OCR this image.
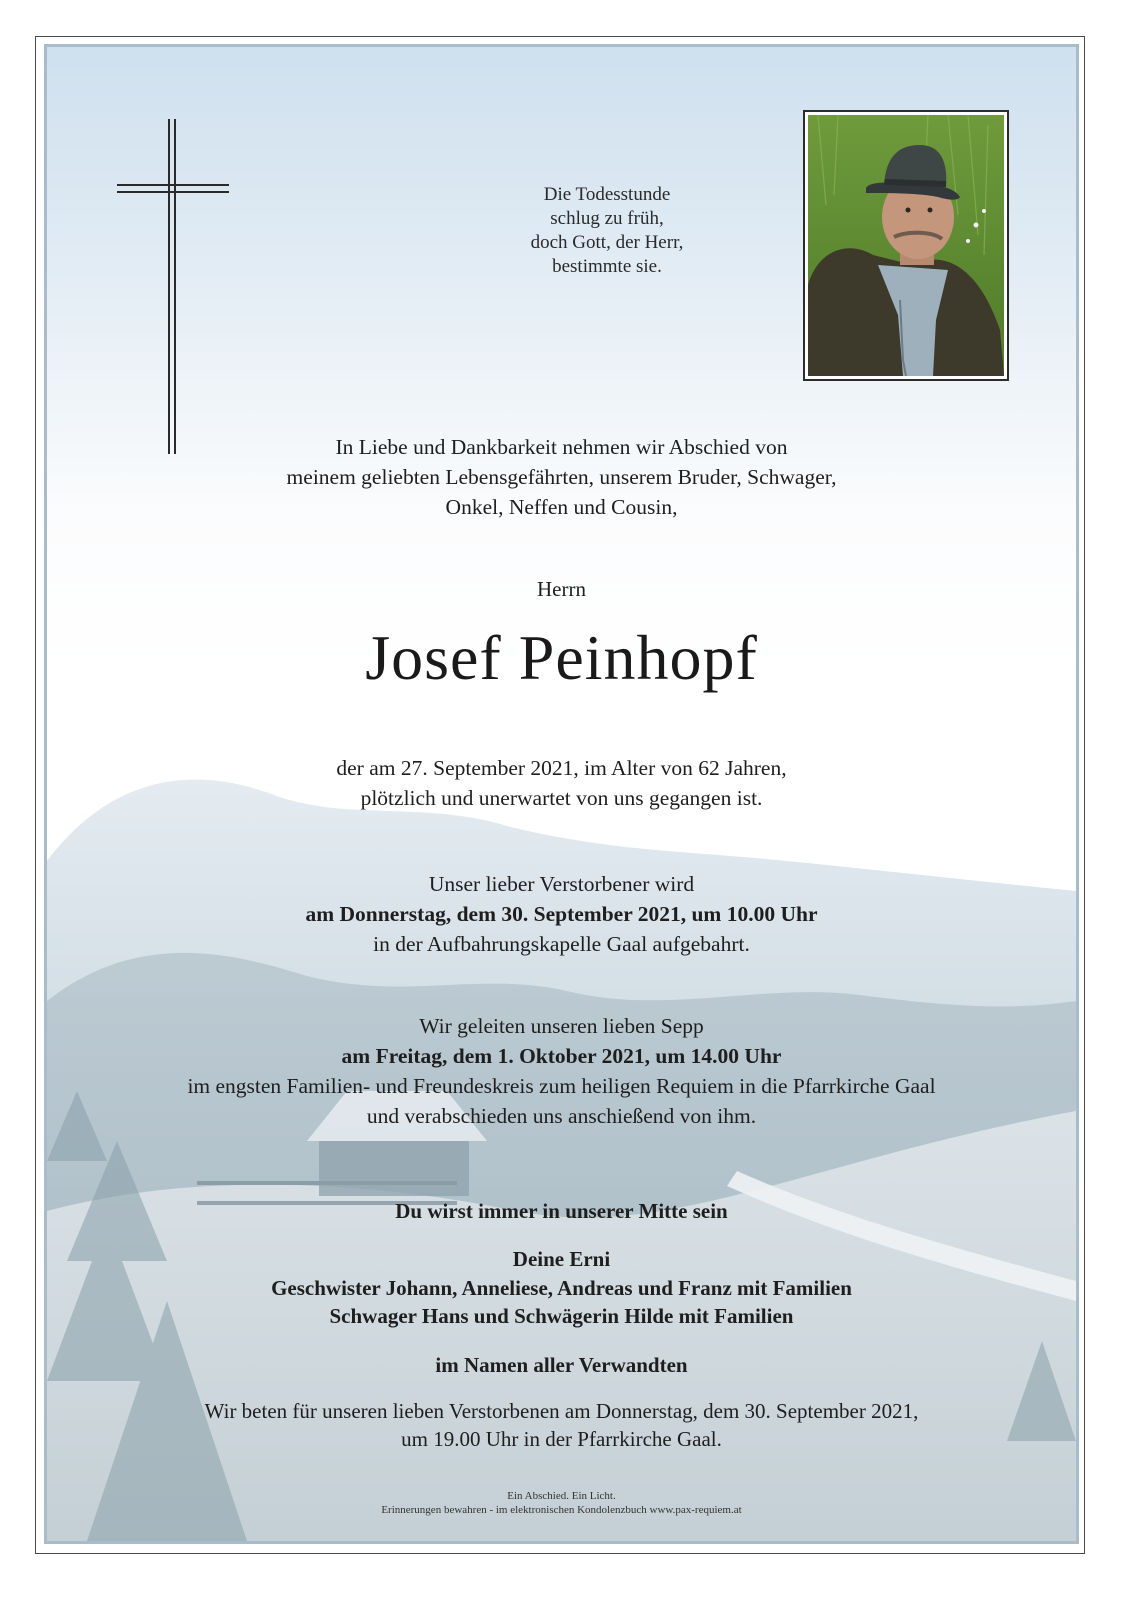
Die Todesstunde
schlug zu früh,
doch Gott, der Herr,
bestimmte sie.
In Liebe und Dankbarkeit nehmen wir Abschied von
meinem geliebten Lebensgefährten, unserem Bruder, Schwager,
Onkel, Neffen und Cousin,
Herrn
Josef Peinhopf
der am 27. September 2021, im Alter von 62 Jahren,
plötzlich und unerwartet von uns gegangen ist.
Unser lieber Verstorbener wird
am Donnerstag, dem 30. September 2021, um 10.00 Uhr
in der Aufbahrungskapelle Gaal aufgebahrt.
Wir geleiten unseren lieben Sepp
am Freitag, dem 1. Oktober 2021, um 14.00 Uhr
im engsten Familien- und Freundeskreis zum heiligen Requiem in die Pfarrkirche Gaal
und verabschieden uns anschießend von ihm.
Du wirst immer in unserer Mitte sein
Deine Erni
Geschwister Johann, Anneliese, Andreas und Franz mit Familien
Schwager Hans und Schwägerin Hilde mit Familien
im Namen aller Verwandten
Wir beten für unseren lieben Verstorbenen am Donnerstag, dem 30. September 2021,
um 19.00 Uhr in der Pfarrkirche Gaal.
Ein Abschied. Ein Licht.
Erinnerungen bewahren - im elektronischen Kondolenzbuch www.pax-requiem.at
